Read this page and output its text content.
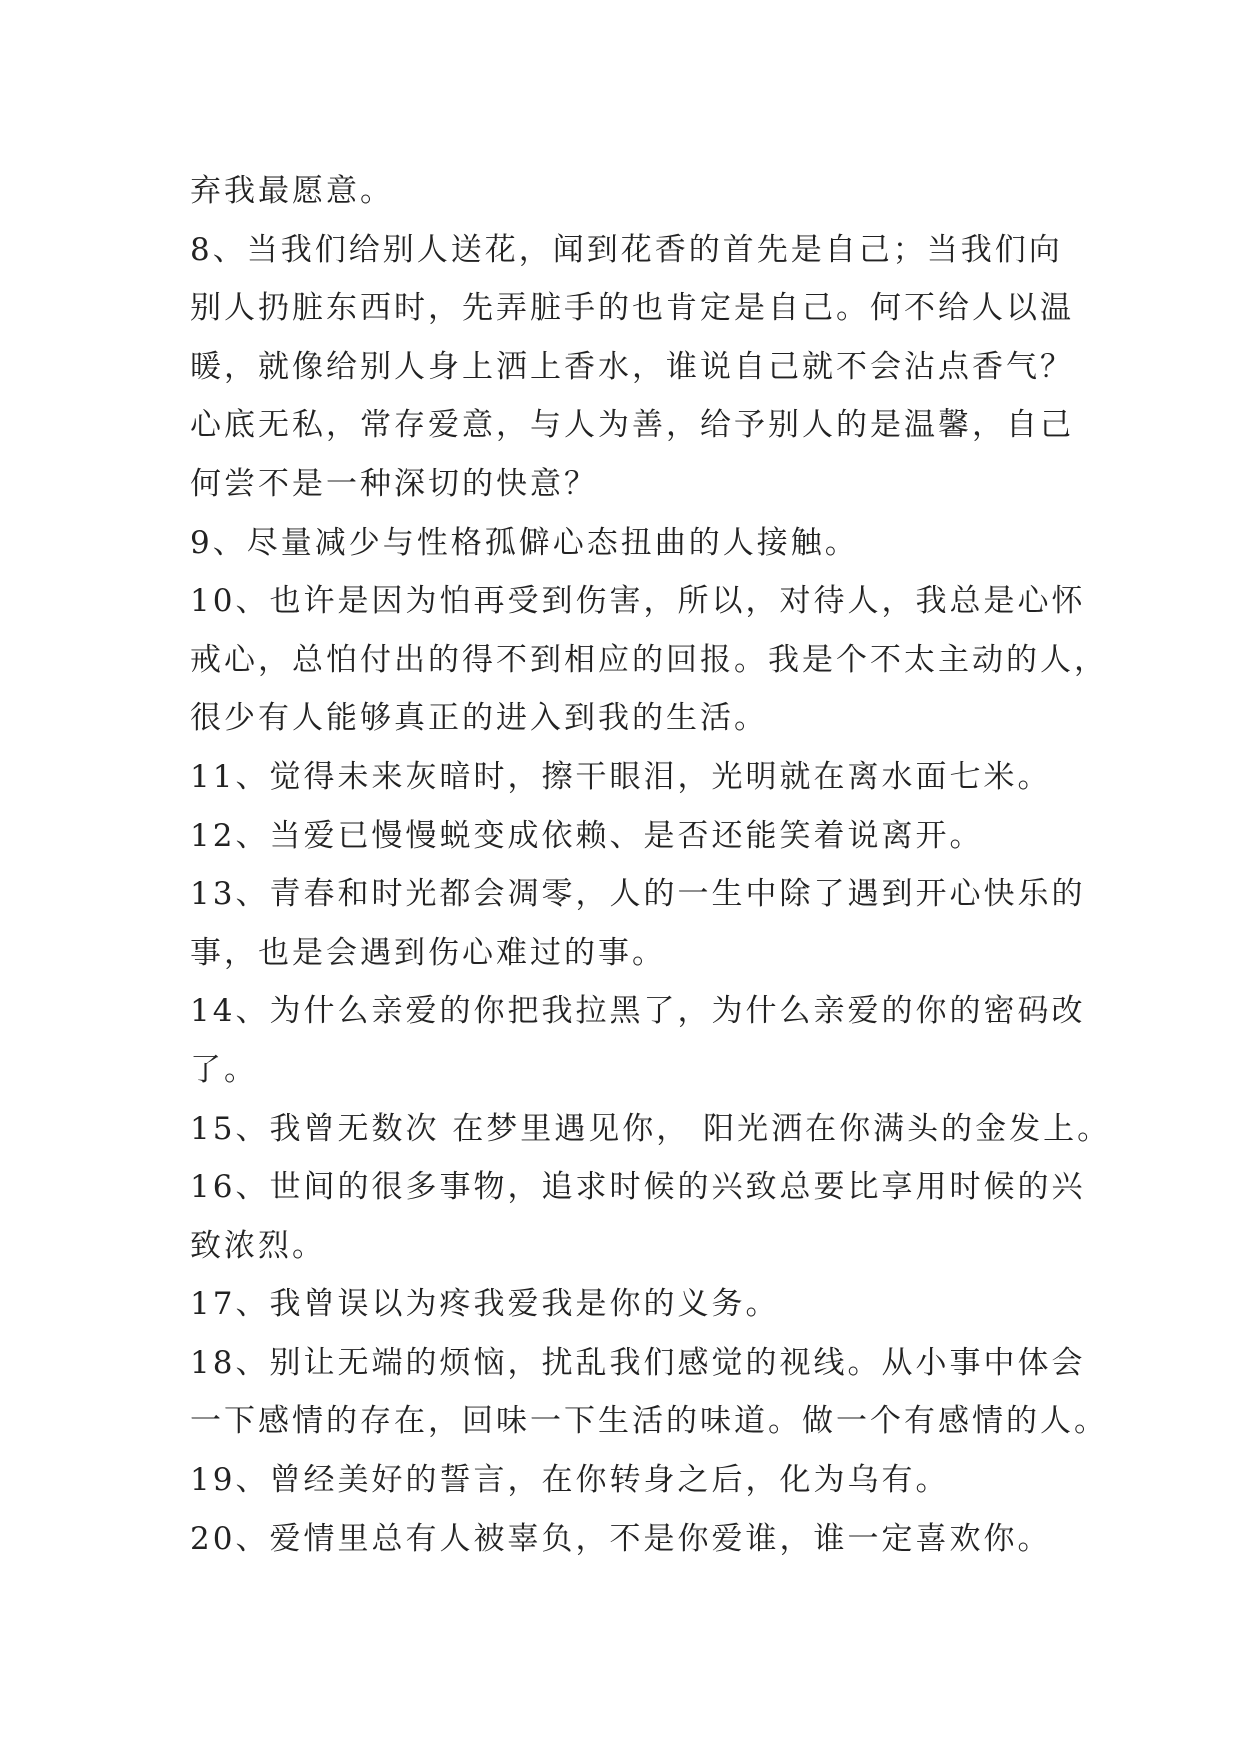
弃我最愿意。

8、当我们给别人送花，闻到花香的首先是自己；当我们向

别人扔脏东西时，先弄脏手的也肯定是自己。何不给人以温

暖，就像给别人身上洒上香水，谁说自己就不会沾点香气？

心底无私，常存爱意，与人为善，给予别人的是温馨，自己

何尝不是一种深切的快意？

9、尽量减少与性格孤僻心态扭曲的人接触。

10、也许是因为怕再受到伤害，所以，对待人，我总是心怀

戒心，总怕付出的得不到相应的回报。我是个不太主动的人，

很少有人能够真正的进入到我的生活。

11、觉得未来灰暗时，擦干眼泪，光明就在离水面七米。

12、当爱已慢慢蜕变成依赖、是否还能笑着说离开。

13、青春和时光都会凋零，人的一生中除了遇到开心快乐的

事，也是会遇到伤心难过的事。

14、为什么亲爱的你把我拉黑了，为什么亲爱的你的密码改

了。

15、我曾无数次 在梦里遇见你， 阳光洒在你满头的金发上。

16、世间的很多事物，追求时候的兴致总要比享用时候的兴

致浓烈。

17、我曾误以为疼我爱我是你的义务。

18、别让无端的烦恼，扰乱我们感觉的视线。从小事中体会

一下感情的存在，回味一下生活的味道。做一个有感情的人。

19、曾经美好的誓言，在你转身之后，化为乌有。

20、爱情里总有人被辜负，不是你爱谁，谁一定喜欢你。
